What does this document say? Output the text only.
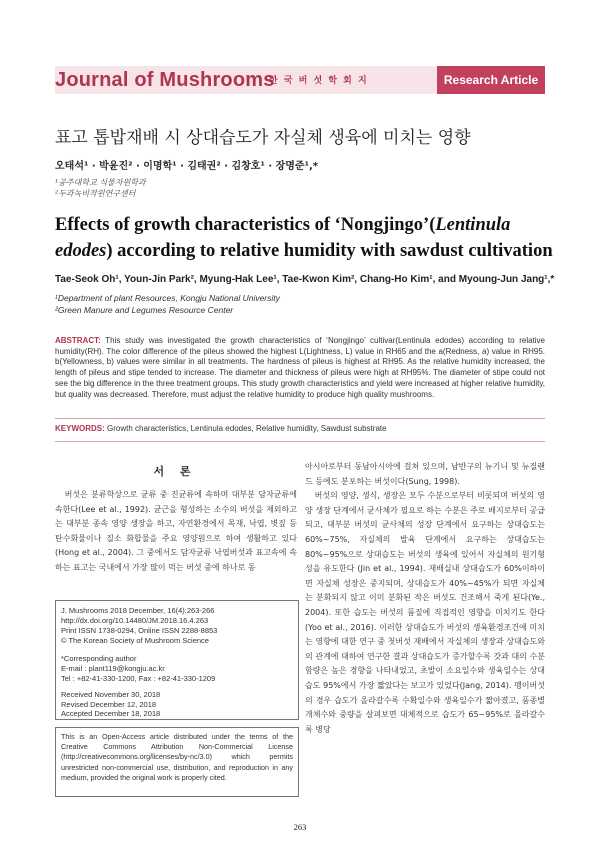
Journal of Mushrooms
한 국 버 섯 학 회 지	Research Article
표고 톱밥재배 시 상대습도가 자실체 생육에 미치는 영향
오태석¹ · 박윤진² · 이명학¹ · 김태권² · 김창호¹ · 장명준¹,*
¹공주대학교 식물자원학과
²두과녹비작원연구센터
Effects of growth characteristics of ‘Nongjingo’(Lentinula edodes) according to relative humidity with sawdust cultivation
Tae-Seok Oh¹, Youn-Jin Park², Myung-Hak Lee¹, Tae-Kwon Kim², Chang-Ho Kim¹, and Myoung-Jun Jang¹,*
¹Department of plant Resources, Kongju National University
²Green Manure and Legumes Resource Center
ABSTRACT: This study was investigated the growth characteristics of ‘Nongjingo’ cultivar(Lentinula edodes) according to relative humidity(RH). The color difference of the pileus showed the highest L(Lightness, L) value in RH65 and the a(Redness, a) value in RH95. b(Yellowness, b) values were similar in all treatments. The hardness of pileus is highest at RH95. As the relative humidity increased, the length of pileus and stipe tended to increase. The diameter and thickness of pileus were high at RH95%. The diameter of stipe could not see the big difference in the three treatment groups. This study growth characteristics and yield were increased at higher relative humidity, but quality was decreased. Therefore, must adjust the relative humidity to produce high quality mushrooms.
KEYWORDS: Growth characteristics, Lentinula edodes, Relative humidity, Sawdust substrate
서 론

버섯은 분류학상으로 균류 중 진균류에 속하며 대부분 담자균류에 속한다(Lee et al., 1992). 균근을 형성하는 소수의 버섯을 제외하고는 대부분 종속 영양 생장을 하고, 자연환경에서 목재, 낙엽, 볏짚 등 탄수화물이나 질소 화합물을 주요 영양원으로 하여 생활하고 있다(Hong et al., 2004). 그 중에서도 담자균류 낙엽버섯과 표고속에 속하는 표고는 국내에서 가장 많이 먹는 버섯 중에 하나로 동

J. Mushrooms 2018 December, 16(4):263-266
http://dx.doi.org/10.14480/JM.2018.16.4.263
Print ISSN 1738-0294, Online ISSN 2288-8853
© The Korean Society of Mushroom Science
*Corresponding author
E-mail : plant119@kongju.ac.kr
Tel : +82-41-330-1200, Fax : +82-41-330-1209
Received November 30, 2018
Revised December 12, 2018
Accepted December 18, 2018
This is an Open-Access article distributed under the terms of the Creative Commons Attribution Non-Commercial License (http://creativecommons.org/licenses/by-nc/3.0) which permits unrestricted non-commercial use, distribution, and reproduction in any medium, provided the original work is properly cited.

아시아로부터 동남아시아에 걸쳐 있으며, 남반구의 뉴기니 및 뉴질랜드 등에도 분포하는 버섯이다(Sung, 1998).

버섯의 영양, 생식, 생장은 모두 수분으로부터 비롯되며 버섯의 영양 생장 단계에서 균사체가 필요로 하는 수분은 주로 배지로부터 공급되고, 대부분 버섯의 균사체의 성장 단계에서 요구하는 상대습도는 60%~75%, 자실체의 발육 단계에서 요구하는 상대습도는 80%~95%으로 상대습도는 버섯의 생육에 있어서 자실체의 원기형성을 유도한다 (Jin et al., 1994). 재배실내 상대습도가 60%이하이면 자실체 성장은 중지되며, 상대습도가 40%~45%가 되면 자실체는 분화되지 않고 이미 분화된 작은 버섯도 건조해서 죽게 된다(Ye., 2004). 또한 습도는 버섯의 품질에 직접적인 영향을 미치기도 한다(Yoo et al., 2016). 이러한 상대습도가 버섯의 생육환경조건에 미치는 영향에 대한 연구 중 첫버섯 재배에서 자실체의 생장과 상대습도와의 관계에 대하여 연구한 결과 상대습도가 증가할수록 갓과 대의 수분함량은 높은 경향을 나타내었고, 초발이 소요일수와 생육일수는 상대습도 95%에서 가장 짧았다는 보고가 있었다(Jang, 2014). 팽이버섯의 경우 습도가 올라갈수록 수확일수와 생육일수가 짧아졌고, 품종별 개체수와 중량을 살펴보면 대체적으로 습도가 65~95%로 올라갈수록 병당

263
